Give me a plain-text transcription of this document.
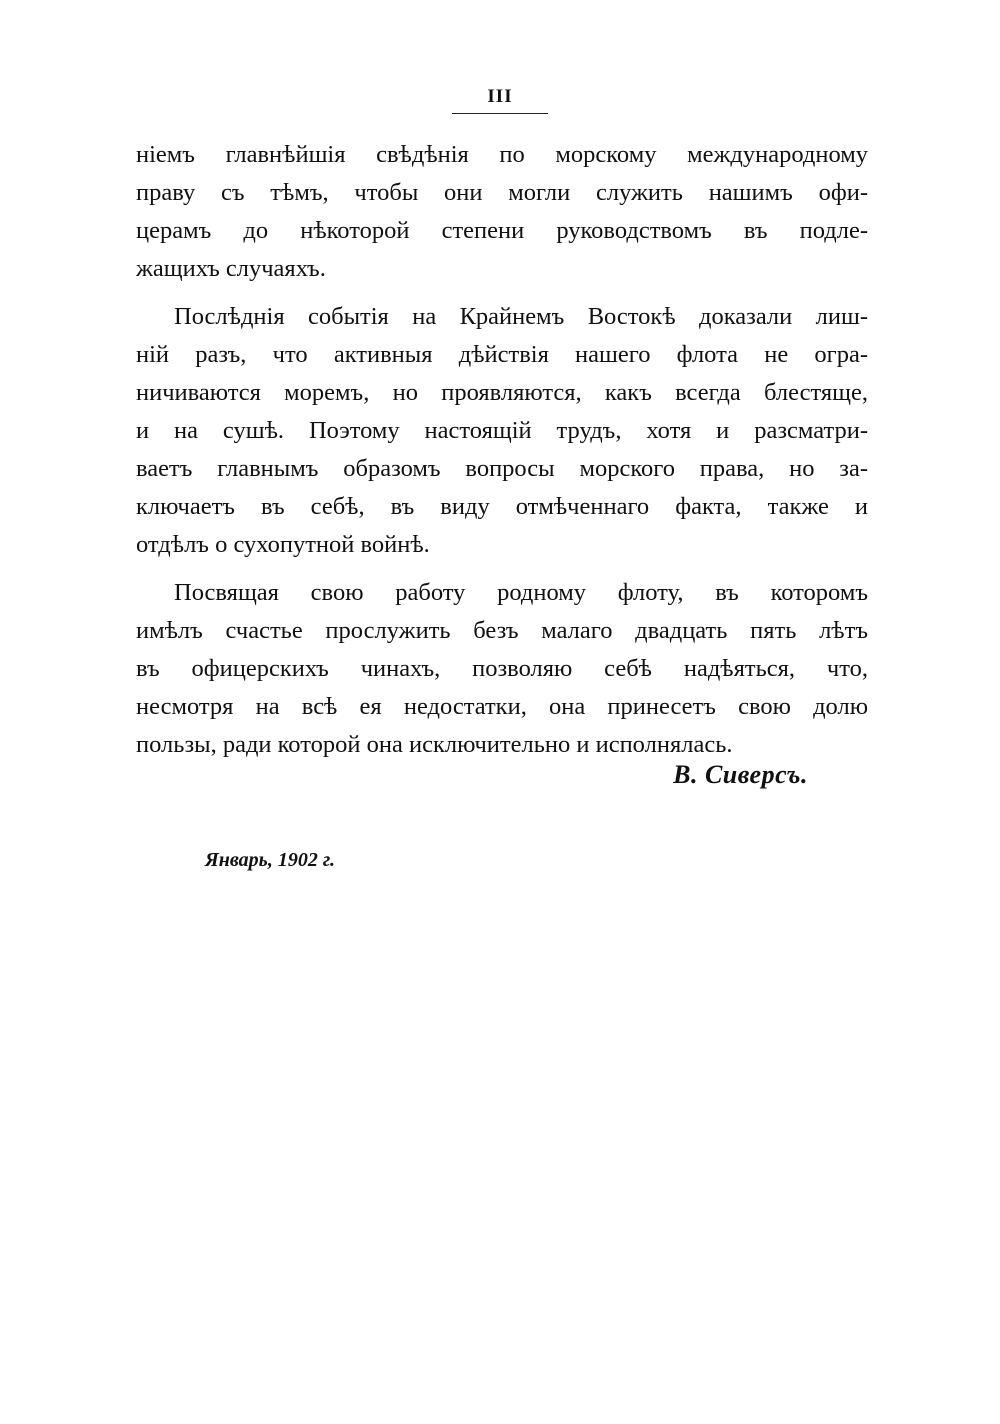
III
нiемъ главнѣйшiя свѣдѣнiя по морскому международному
праву съ тѣмъ, чтобы они могли служить нашимъ офи-
церамъ до нѣкоторой степени руководствомъ въ подле-
жащихъ случаяхъ.
Послѣднiя событiя на Крайнемъ Востокѣ доказали лиш-
нiй разъ, что активныя дѣйствiя нашего флота не огра-
ничиваются моремъ, но проявляются, какъ всегда блестяще,
и на сушѣ. Поэтому настоящiй трудъ, хотя и разсматри-
ваетъ главнымъ образомъ вопросы морского права, но за-
ключаетъ въ себѣ, въ виду отмѣченнаго факта, также и
отдѣлъ о сухопутной войнѣ.
Посвящая свою работу родному флоту, въ которомъ
имѣлъ счастье прослужить безъ малаго двадцать пять лѣтъ
въ офицерскихъ чинахъ, позволяю себѣ надѣяться, что,
несмотря на всѣ ея недостатки, она принесетъ свою долю
пользы, ради которой она исключительно и исполнялась.
В. Сиверсъ.
Январь, 1902 г.
